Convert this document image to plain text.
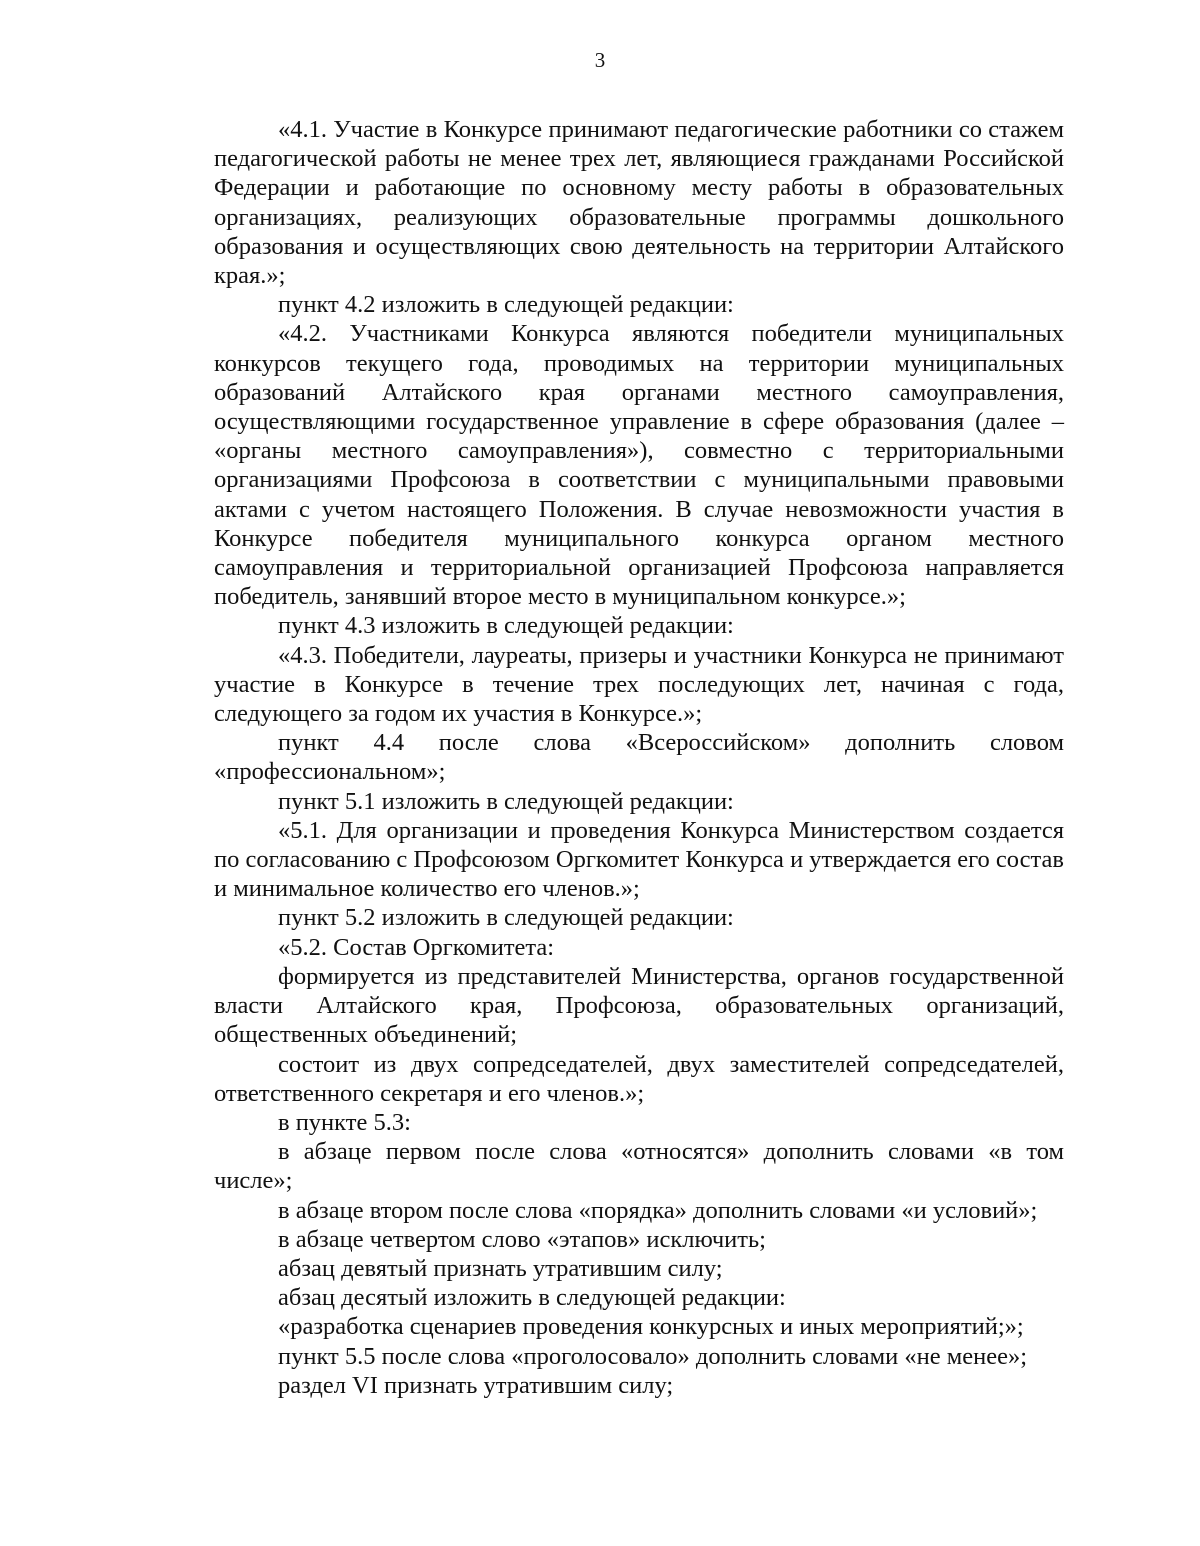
3

«4.1. Участие в Конкурсе принимают педагогические работники со стажем педагогической работы не менее трех лет, являющиеся гражданами Российской Федерации и работающие по основному месту работы в образовательных организациях, реализующих образовательные программы дошкольного образования и осуществляющих свою деятельность на территории Алтайского края.»;

пункт 4.2 изложить в следующей редакции:

«4.2. Участниками Конкурса являются победители муниципальных конкурсов текущего года, проводимых на территории муниципальных образований Алтайского края органами местного самоуправления, осуществляющими государственное управление в сфере образования (далее – «органы местного самоуправления»), совместно с территориальными организациями Профсоюза в соответствии с муниципальными правовыми актами с учетом настоящего Положения. В случае невозможности участия в Конкурсе победителя муниципального конкурса органом местного самоуправления и территориальной организацией Профсоюза направляется победитель, занявший второе место в муниципальном конкурсе.»;

пункт 4.3 изложить в следующей редакции:

«4.3. Победители, лауреаты, призеры и участники Конкурса не принимают участие в Конкурсе в течение трех последующих лет, начиная с года, следующего за годом их участия в Конкурсе.»;

пункт 4.4 после слова «Всероссийском» дополнить словом «профессиональном»;

пункт 5.1 изложить в следующей редакции:

«5.1. Для организации и проведения Конкурса Министерством создается по согласованию с Профсоюзом Оргкомитет Конкурса и утверждается его состав и минимальное количество его членов.»;

пункт 5.2 изложить в следующей редакции:

«5.2. Состав Оргкомитета:

формируется из представителей Министерства, органов государственной власти Алтайского края, Профсоюза, образовательных организаций, общественных объединений;

состоит из двух сопредседателей, двух заместителей сопредседателей, ответственного секретаря и его членов.»;

в пункте 5.3:

в абзаце первом после слова «относятся» дополнить словами «в том числе»;

в абзаце втором после слова «порядка» дополнить словами «и условий»;

в абзаце четвертом слово «этапов» исключить;

абзац девятый признать утратившим силу;

абзац десятый изложить в следующей редакции:

«разработка сценариев проведения конкурсных и иных мероприятий;»;

пункт 5.5 после слова «проголосовало» дополнить словами «не менее»;

раздел VI признать утратившим силу;
